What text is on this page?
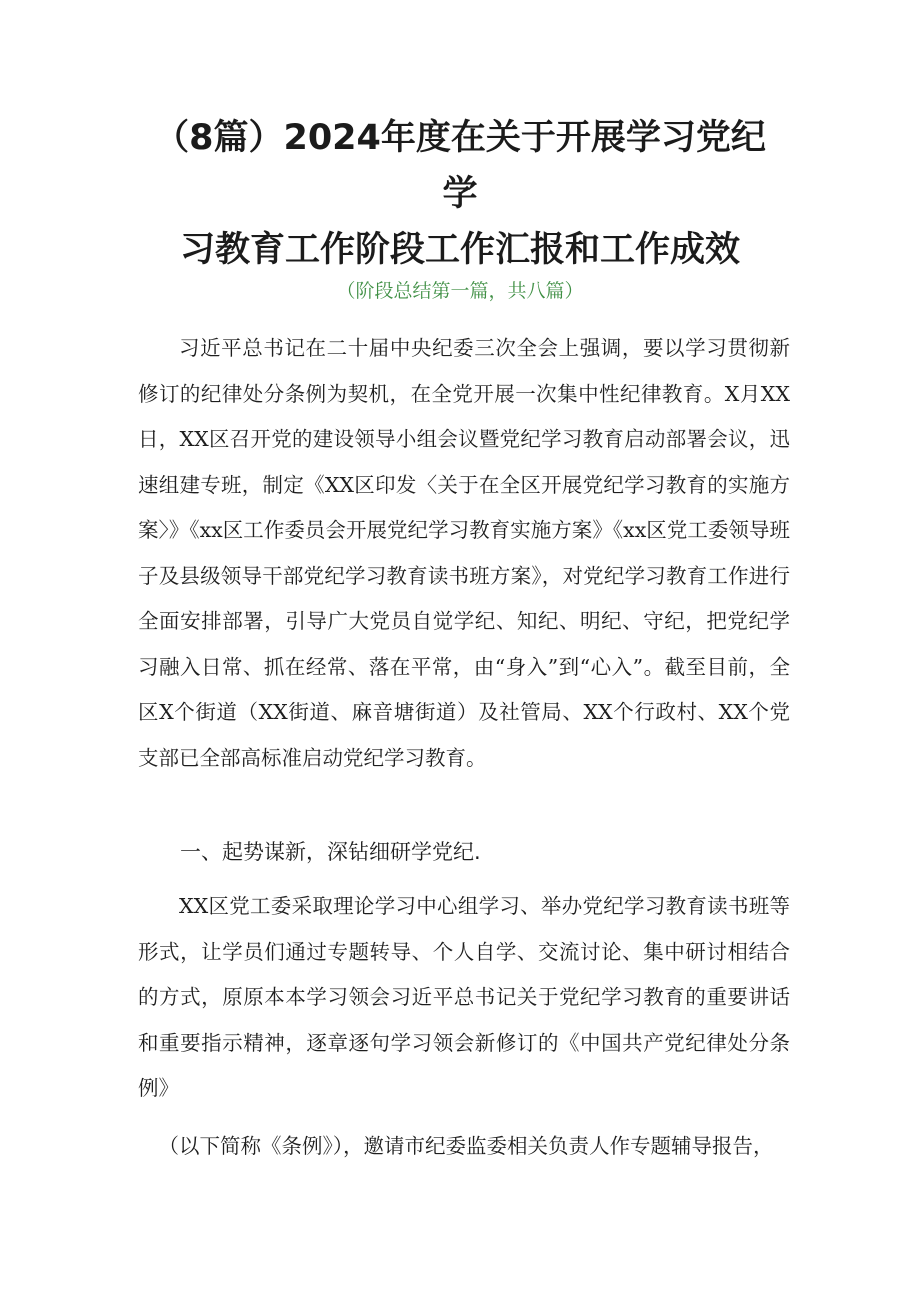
（8篇）2024年度在关于开展学习党纪学
习教育工作阶段工作汇报和工作成效
（阶段总结第一篇，共八篇）

习近平总书记在二十届中央纪委三次全会上强调，要以学习贯彻新修订的纪律处分条例为契机，在全党开展一次集中性纪律教育。X月XX日，XX区召开党的建设领导小组会议暨党纪学习教育启动部署会议，迅速组建专班，制定《XX区印发〈关于在全区开展党纪学习教育的实施方案〉》《xx区工作委员会开展党纪学习教育实施方案》《xx区党工委领导班子及县级领导干部党纪学习教育读书班方案》，对党纪学习教育工作进行全面安排部署，引导广大党员自觉学纪、知纪、明纪、守纪，把党纪学习融入日常、抓在经常、落在平常，由“身入”到“心入”。截至目前，全区X个街道（XX街道、麻音塘街道）及社管局、XX个行政村、XX个党支部已全部高标准启动党纪学习教育。

一、起势谋新，深钻细研学党纪.

XX区党工委采取理论学习中心组学习、举办党纪学习教育读书班等形式，让学员们通过专题转导、个人自学、交流讨论、集中研讨相结合的方式，原原本本学习领会习近平总书记关于党纪学习教育的重要讲话和重要指示精神，逐章逐句学习领会新修订的《中国共产党纪律处分条例》

（以下简称《条例》），邀请市纪委监委相关负责人作专题辅导报告，
